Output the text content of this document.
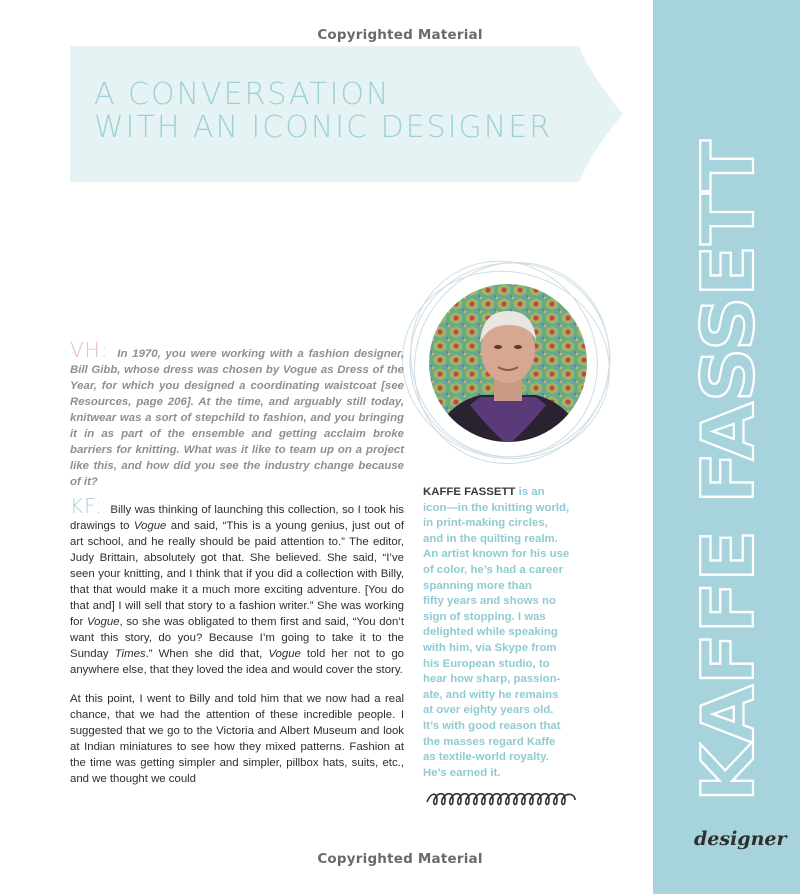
Copyrighted Material
A CONVERSATION
WITH AN ICONIC DESIGNER
KAFFE FASSETT
designer
VH: In 1970, you were working with a fashion designer, Bill Gibb, whose dress was chosen by Vogue as Dress of the Year, for which you designed a coordinating waistcoat [see Resources, page 206]. At the time, and arguably still today, knitwear was a sort of stepchild to fashion, and you bringing it in as part of the ensemble and getting acclaim broke barriers for knitting. What was it like to team up on a project like this, and how did you see the industry change because of it?
KF: Billy was thinking of launching this collection, so I took his drawings to Vogue and said, “This is a young genius, just out of art school, and he really should be paid attention to.” The editor, Judy Brittain, absolutely got that. She believed. She said, “I’ve seen your knitting, and I think that if you did a collection with Billy, that that would make it a much more exciting adventure. [You do that and] I will sell that story to a fashion writer.” She was working for Vogue, so she was obligated to them first and said, “You don’t want this story, do you? Because I’m going to take it to the Sunday Times.” When she did that, Vogue told her not to go anywhere else, that they loved the idea and would cover the story.
At this point, I went to Billy and told him that we now had a real chance, that we had the attention of these incredible people. I suggested that we go to the Victoria and Albert Museum and look at Indian miniatures to see how they mixed patterns. Fashion at the time was getting simpler and simpler, pillbox hats, suits, etc., and we thought we could
KAFFE FASSETT is an
icon—in the knitting world,
in print-making circles,
and in the quilting realm.
An artist known for his use
of color, he’s had a career
spanning more than
fifty years and shows no
sign of stopping. I was
delighted while speaking
with him, via Skype from
his European studio, to
hear how sharp, passion-
ate, and witty he remains
at over eighty years old.
It’s with good reason that
the masses regard Kaffe
as textile-world royalty.
He’s earned it.
Copyrighted Material
